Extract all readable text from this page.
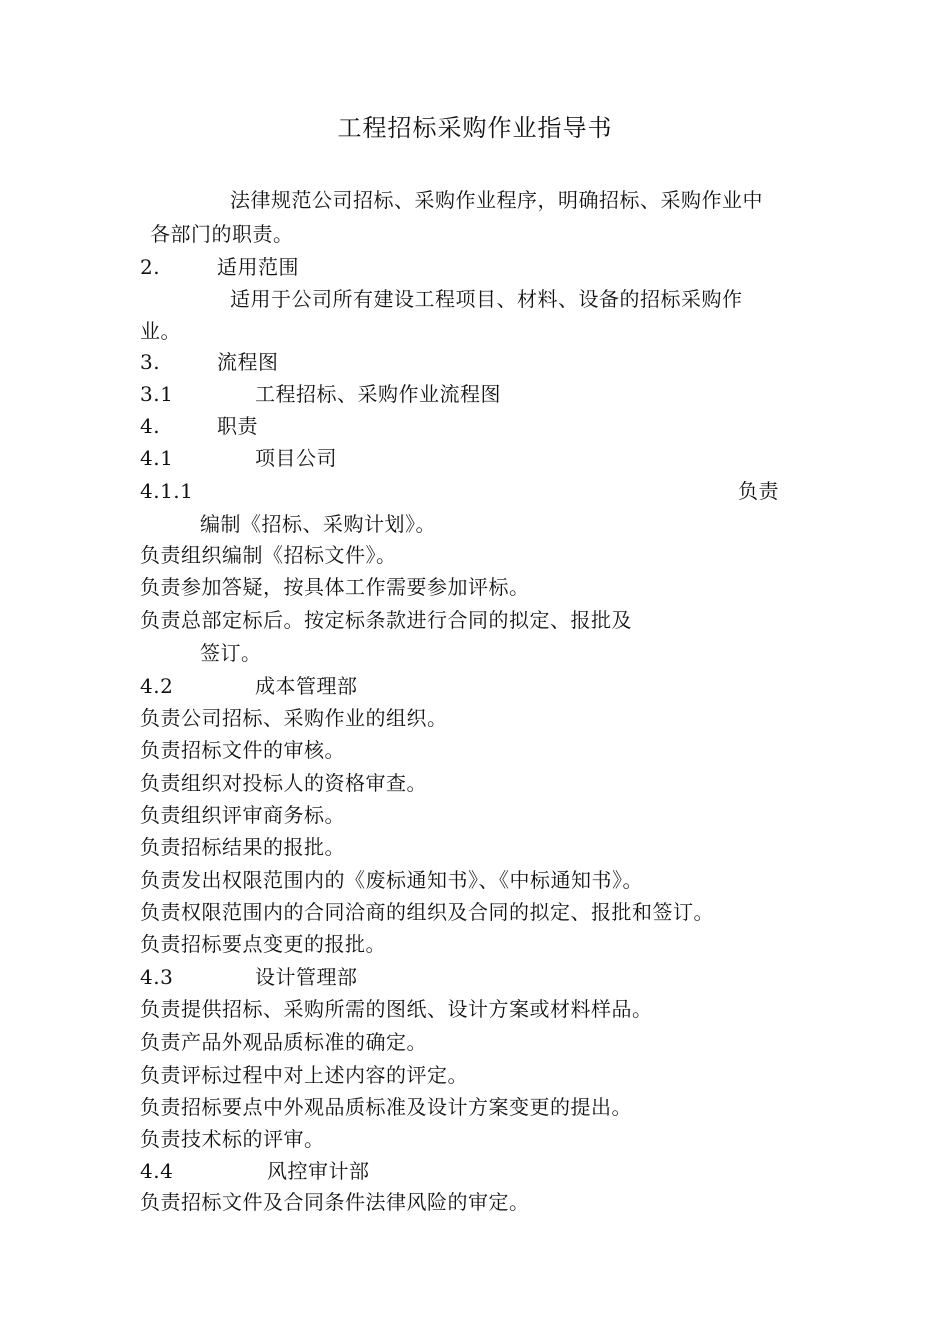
工程招标采购作业指导书
法律规范公司招标、采购作业程序，明确招标、采购作业中
各部门的职责。
2.	适用范围
适用于公司所有建设工程项目、材料、设备的招标采购作
业。
3.	流程图
3.1	工程招标、采购作业流程图
4.	职责
4.1	项目公司
4.1.1	负责
编制《招标、采购计划》。
负责组织编制《招标文件》。
负责参加答疑，按具体工作需要参加评标。
负责总部定标后。按定标条款进行合同的拟定、报批及
签订。
4.2	成本管理部
负责公司招标、采购作业的组织。
负责招标文件的审核。
负责组织对投标人的资格审查。
负责组织评审商务标。
负责招标结果的报批。
负责发出权限范围内的《废标通知书》、《中标通知书》。
负责权限范围内的合同洽商的组织及合同的拟定、报批和签订。
负责招标要点变更的报批。
4.3	设计管理部
负责提供招标、采购所需的图纸、设计方案或材料样品。
负责产品外观品质标准的确定。
负责评标过程中对上述内容的评定。
负责招标要点中外观品质标准及设计方案变更的提出。
负责技术标的评审。
4.4	风控审计部
负责招标文件及合同条件法律风险的审定。
